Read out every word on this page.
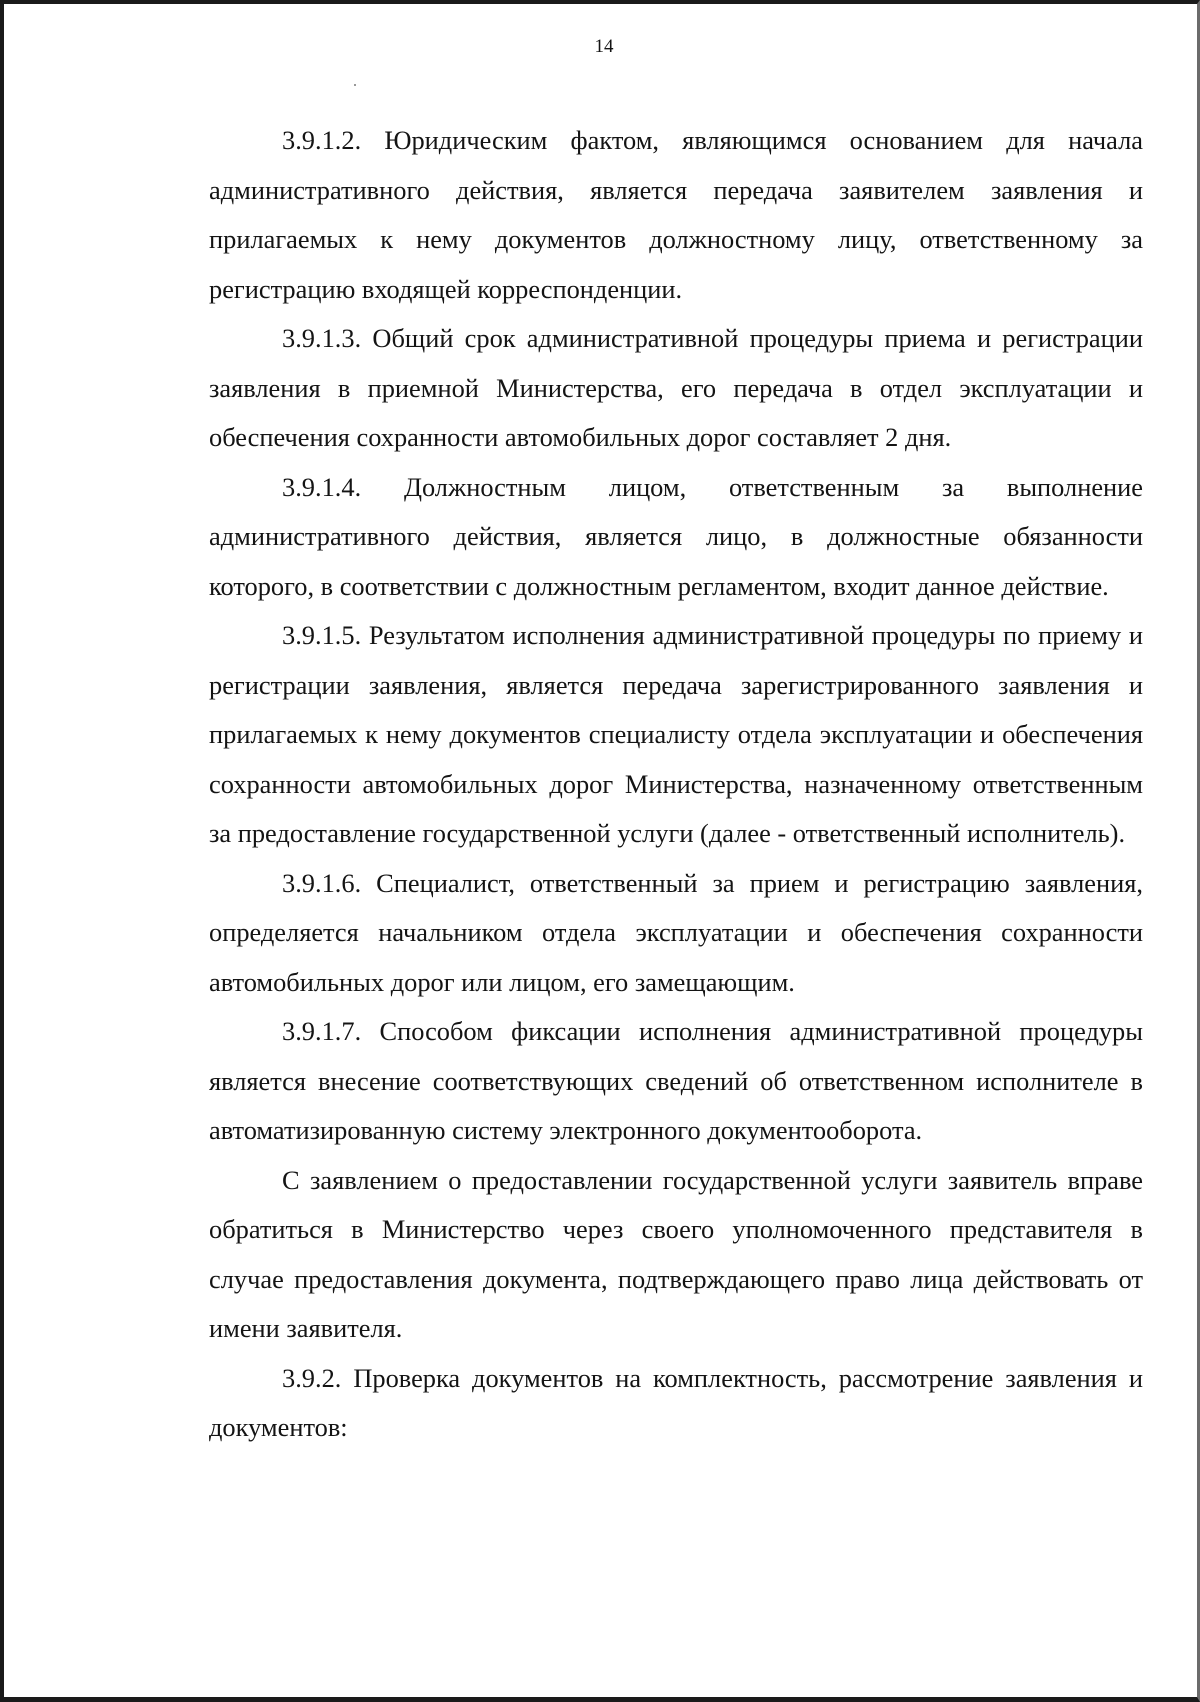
14

3.9.1.2. Юридическим фактом, являющимся основанием для начала административного действия, является передача заявителем заявления и прилагаемых к нему документов должностному лицу, ответственному за регистрацию входящей корреспонденции.

3.9.1.3. Общий срок административной процедуры приема и регистрации заявления в приемной Министерства, его передача в отдел эксплуатации и обеспечения сохранности автомобильных дорог составляет 2 дня.

3.9.1.4. Должностным лицом, ответственным за выполнение административного действия, является лицо, в должностные обязанности которого, в соответствии с должностным регламентом, входит данное действие.

3.9.1.5. Результатом исполнения административной процедуры по приему и регистрации заявления, является передача зарегистрированного заявления и прилагаемых к нему документов специалисту отдела эксплуатации и обеспечения сохранности автомобильных дорог Министерства, назначенному ответственным за предоставление государственной услуги (далее - ответственный исполнитель).

3.9.1.6. Специалист, ответственный за прием и регистрацию заявления, определяется начальником отдела эксплуатации и обеспечения сохранности автомобильных дорог или лицом, его замещающим.

3.9.1.7. Способом фиксации исполнения административной процедуры является внесение соответствующих сведений об ответственном исполнителе в автоматизированную систему электронного документооборота.

С заявлением о предоставлении государственной услуги заявитель вправе обратиться в Министерство через своего уполномоченного представителя в случае предоставления документа, подтверждающего право лица действовать от имени заявителя.

3.9.2. Проверка документов на комплектность, рассмотрение заявления и документов:
